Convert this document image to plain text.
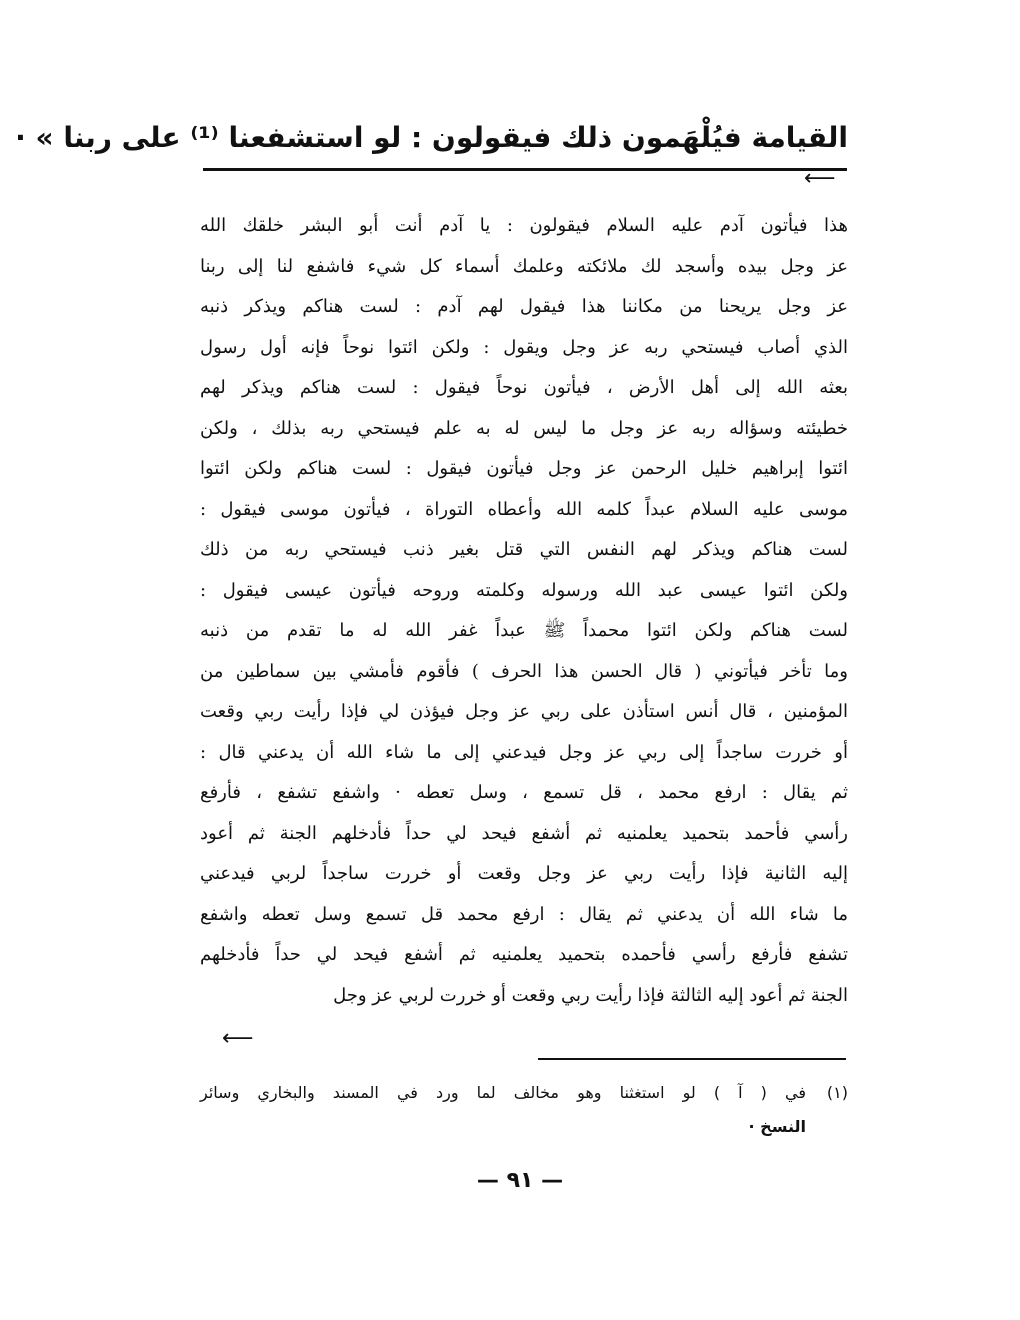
القيامة فيُلْهَمون ذلك فيقولون : لو استشفعنا ⁽¹⁾ على ربنا » ·
⟵
هذا فيأتون آدم عليه السلام فيقولون : يا آدم أنت أبو البشر خلقك الله
عز وجل بيده وأسجد لك ملائكته وعلمك أسماء كل شيء فاشفع لنا إلى ربنا
عز وجل يريحنا من مكاننا هذا فيقول لهم آدم : لست هناكم ويذكر ذنبه
الذي أصاب فيستحي ربه عز وجل ويقول : ولكن ائتوا نوحاً فإنه أول رسول
بعثه الله إلى أهل الأرض ، فيأتون نوحاً فيقول : لست هناكم ويذكر لهم
خطيئته وسؤاله ربه عز وجل ما ليس له به علم فيستحي ربه بذلك ، ولكن
ائتوا إبراهيم خليل الرحمن عز وجل فيأتون فيقول : لست هناكم ولكن ائتوا
موسى عليه السلام عبداً كلمه الله وأعطاه التوراة ، فيأتون موسى فيقول :
لست هناكم ويذكر لهم النفس التي قتل بغير ذنب فيستحي ربه من ذلك
ولكن ائتوا عيسى عبد الله ورسوله وكلمته وروحه فيأتون عيسى فيقول :
لست هناكم ولكن ائتوا محمداً ﷺ عبداً غفر الله له ما تقدم من ذنبه
وما تأخر فيأتوني ( قال الحسن هذا الحرف ) فأقوم فأمشي بين سماطين من
المؤمنين ، قال أنس استأذن على ربي عز وجل فيؤذن لي فإذا رأيت ربي وقعت
أو خررت ساجداً إلى ربي عز وجل فيدعني إلى ما شاء الله أن يدعني قال :
ثم يقال : ارفع محمد ، قل تسمع ، وسل تعطه · واشفع تشفع ، فأرفع
رأسي فأحمد بتحميد يعلمنيه ثم أشفع فيحد لي حداً فأدخلهم الجنة ثم أعود
إليه الثانية فإذا رأيت ربي عز وجل وقعت أو خررت ساجداً لربي فيدعني
ما شاء الله أن يدعني ثم يقال : ارفع محمد قل تسمع وسل تعطه واشفع
تشفع فأرفع رأسي فأحمده بتحميد يعلمنيه ثم أشفع فيحد لي حداً فأدخلهم
الجنة ثم أعود إليه الثالثة فإذا رأيت ربي وقعت أو خررت لربي عز وجل
⟵
(١)
في ( آ ) لو استغثنا وهو مخالف لما ورد في المسند والبخاري وسائر
النسخ ·
— ٩١ —
